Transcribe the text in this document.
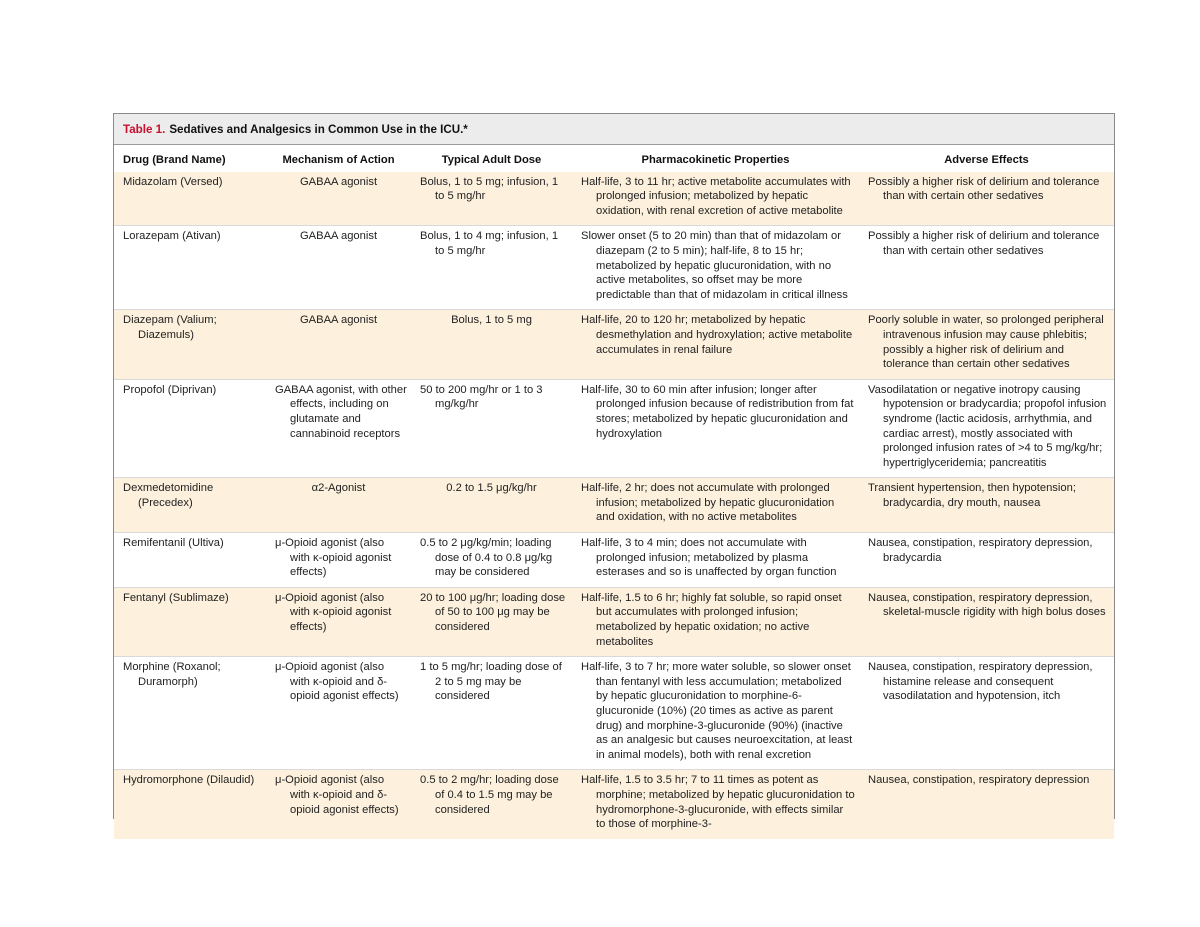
Table 1. Sedatives and Analgesics in Common Use in the ICU.*
Drug (Brand Name)	Mechanism of Action	Typical Adult Dose	Pharmacokinetic Properties	Adverse Effects
Midazolam (Versed)	GABAA agonist	Bolus, 1 to 5 mg; infusion, 1 to 5 mg/hr	Half-life, 3 to 11 hr; active metabolite accumulates with prolonged infusion; metabolized by hepatic oxidation, with renal excretion of active metabolite	Possibly a higher risk of delirium and tolerance than with certain other sedatives
Lorazepam (Ativan)	GABAA agonist	Bolus, 1 to 4 mg; infusion, 1 to 5 mg/hr	Slower onset (5 to 20 min) than that of midazolam or diazepam (2 to 5 min); half-life, 8 to 15 hr; metabolized by hepatic glucuronidation, with no active metabolites, so offset may be more predictable than that of midazolam in critical illness	Possibly a higher risk of delirium and tolerance than with certain other sedatives
Diazepam (Valium; Diazemuls)	GABAA agonist	Bolus, 1 to 5 mg	Half-life, 20 to 120 hr; metabolized by hepatic desmethylation and hydroxylation; active metabolite accumulates in renal failure	Poorly soluble in water, so prolonged peripheral intravenous infusion may cause phlebitis; possibly a higher risk of delirium and tolerance than certain other sedatives
Propofol (Diprivan)	GABAA agonist, with other effects, including on glutamate and cannabinoid receptors	50 to 200 mg/hr or 1 to 3 mg/kg/hr	Half-life, 30 to 60 min after infusion; longer after prolonged infusion because of redistribution from fat stores; metabolized by hepatic glucuronidation and hydroxylation	Vasodilatation or negative inotropy causing hypotension or bradycardia; propofol infusion syndrome (lactic acidosis, arrhythmia, and cardiac arrest), mostly associated with prolonged infusion rates of >4 to 5 mg/kg/hr; hypertriglyceridemia; pancreatitis
Dexmedetomidine (Precedex)	α2-Agonist	0.2 to 1.5 μg/kg/hr	Half-life, 2 hr; does not accumulate with prolonged infusion; metabolized by hepatic glucuronidation and oxidation, with no active metabolites	Transient hypertension, then hypotension; bradycardia, dry mouth, nausea
Remifentanil (Ultiva)	μ-Opioid agonist (also with κ-opioid agonist effects)	0.5 to 2 μg/kg/min; loading dose of 0.4 to 0.8 μg/kg may be considered	Half-life, 3 to 4 min; does not accumulate with prolonged infusion; metabolized by plasma esterases and so is unaffected by organ function	Nausea, constipation, respiratory depression, bradycardia
Fentanyl (Sublimaze)	μ-Opioid agonist (also with κ-opioid agonist effects)	20 to 100 μg/hr; loading dose of 50 to 100 μg may be considered	Half-life, 1.5 to 6 hr; highly fat soluble, so rapid onset but accumulates with prolonged infusion; metabolized by hepatic oxidation; no active metabolites	Nausea, constipation, respiratory depression, skeletal-muscle rigidity with high bolus doses
Morphine (Roxanol; Duramorph)	μ-Opioid agonist (also with κ-opioid and δ-opioid agonist effects)	1 to 5 mg/hr; loading dose of 2 to 5 mg may be considered	Half-life, 3 to 7 hr; more water soluble, so slower onset than fentanyl with less accumulation; metabolized by hepatic glucuronidation to morphine-6-glucuronide (10%) (20 times as active as parent drug) and morphine-3-glucuronide (90%) (inactive as an analgesic but causes neuroexcitation, at least in animal models), both with renal excretion	Nausea, constipation, respiratory depression, histamine release and consequent vasodilatation and hypotension, itch
Hydromorphone (Dilaudid)	μ-Opioid agonist (also with κ-opioid and δ-opioid agonist effects)	0.5 to 2 mg/hr; loading dose of 0.4 to 1.5 mg may be considered	Half-life, 1.5 to 3.5 hr; 7 to 11 times as potent as morphine; metabolized by hepatic glucuronidation to hydromorphone-3-glucuronide, with effects similar to those of morphine-3-	Nausea, constipation, respiratory depression
